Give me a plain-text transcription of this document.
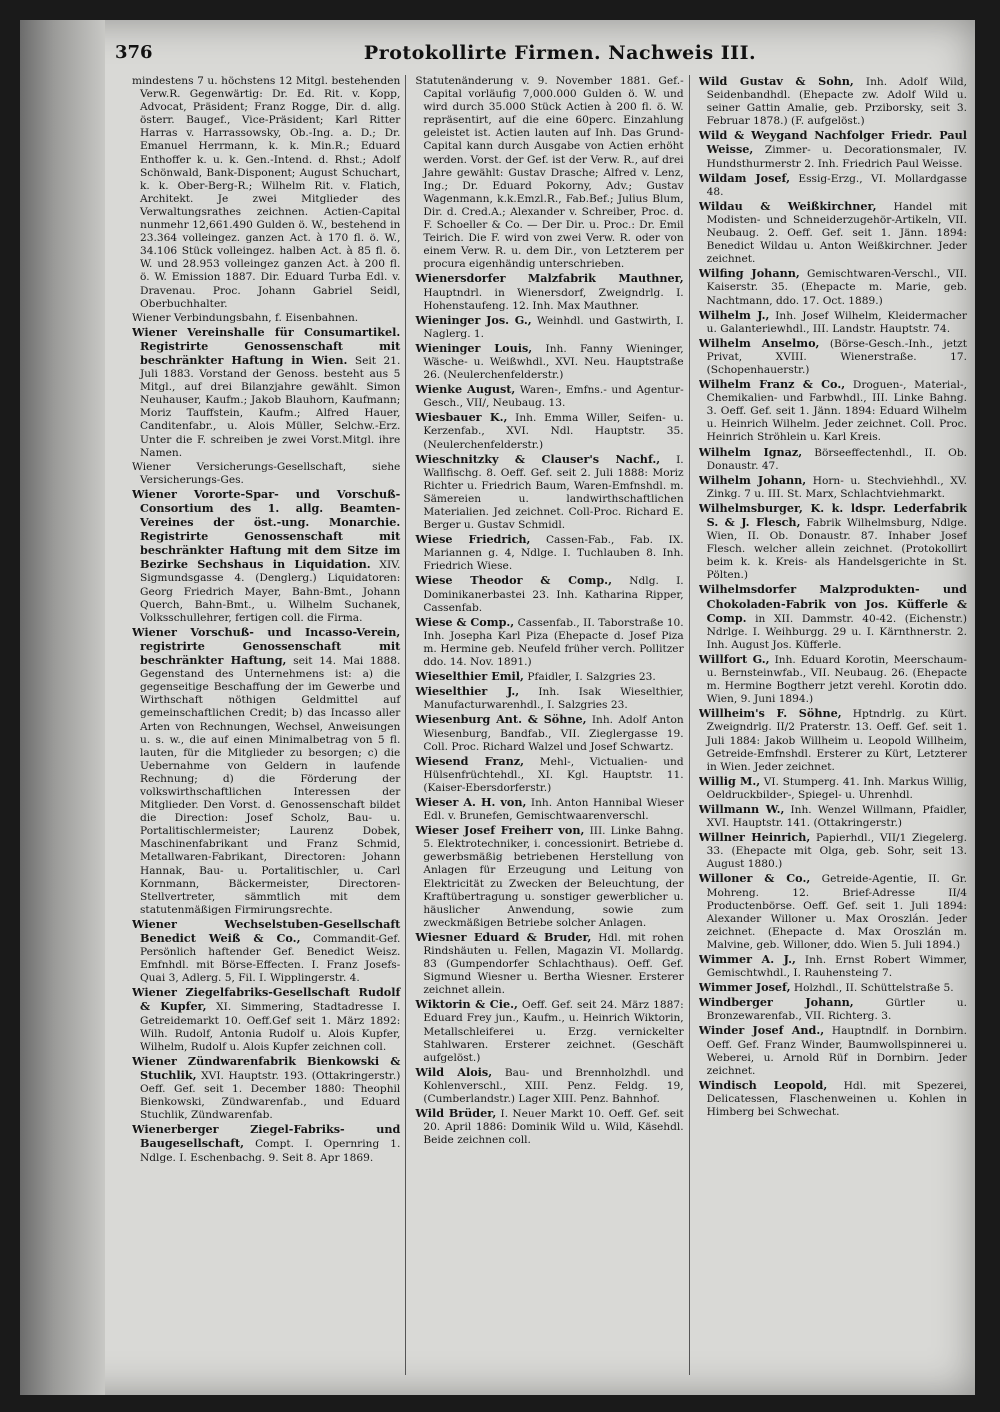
376	Protokollirte Firmen. Nachweis III.

mindestens 7 u. höchstens 12 Mitgl. bestehenden Verw.R. Gegenwärtig: Dr. Ed. Rit. v. Kopp, Advocat, Präsident; Franz Rogge, Dir. d. allg. österr. Baugef., Vice-Präsident; Karl Ritter Harras v. Harrassowsky, Ob.-Ing. a. D.; Dr. Emanuel Herrmann, k. k. Min.R.; Eduard Enthoffer k. u. k. Gen.-Intend. d. Rhst.; Adolf Schönwald, Bank-Disponent; August Schuchart, k. k. Ober-Berg-R.; Wilhelm Rit. v. Flatich, Architekt. Je zwei Mitglieder des Verwaltungsrathes zeichnen. Actien-Capital nunmehr 12,661.490 Gulden ö. W., bestehend in 23.364 volleingez. ganzen Act. à 170 fl. ö. W., 34.106 Stück volleingez. halben Act. à 85 fl. ö. W. und 28.953 volleingez ganzen Act. à 200 fl. ö. W. Emission 1887. Dir. Eduard Turba Edl. v. Dravenau. Proc. Johann Gabriel Seidl, Oberbuchhalter.

Wiener Verbindungsbahn, f. Eisenbahnen.

Wiener Vereinshalle für Consumartikel. Registrirte Genossenschaft mit beschränkter Haftung in Wien. Seit 21. Juli 1883. Vorstand der Genoss. besteht aus 5 Mitgl., auf drei Bilanzjahre gewählt. Simon Neuhauser, Kaufm.; Jakob Blauhorn, Kaufmann; Moriz Tauffstein, Kaufm.; Alfred Hauer, Canditenfabr., u. Alois Müller, Selchw.-Erz. Unter die F. schreiben je zwei Vorst.Mitgl. ihre Namen.

Wiener Versicherungs-Gesellschaft, siehe Versicherungs-Ges.

Wiener Vororte-Spar- und Vorschuß-Consortium des 1. allg. Beamten-Vereines der öst.-ung. Monarchie. Registrirte Genossenschaft mit beschränkter Haftung mit dem Sitze im Bezirke Sechshaus in Liquidation. XIV. Sigmundsgasse 4. (Denglerg.) Liquidatoren: Georg Friedrich Mayer, Bahn-Bmt., Johann Querch, Bahn-Bmt., u. Wilhelm Suchanek, Volksschullehrer, fertigen coll. die Firma.

Wiener Vorschuß- und Incasso-Verein, registrirte Genossenschaft mit beschränkter Haftung, seit 14. Mai 1888. Gegenstand des Unternehmens ist: a) die gegenseitige Beschaffung der im Gewerbe und Wirthschaft nöthigen Geldmittel auf gemeinschaftlichen Credit; b) das Incasso aller Arten von Rechnungen, Wechsel, Anweisungen u. s. w., die auf einen Minimalbetrag von 5 fl. lauten, für die Mitglieder zu besorgen; c) die Uebernahme von Geldern in laufende Rechnung; d) die Förderung der volkswirthschaftlichen Interessen der Mitglieder. Den Vorst. d. Genossenschaft bildet die Direction: Josef Scholz, Bau- u. Portalitischlermeister; Laurenz Dobek, Maschinenfabrikant und Franz Schmid, Metallwaren-Fabrikant, Directoren: Johann Hannak, Bau- u. Portalitischler, u. Carl Kornmann, Bäckermeister, Directoren-Stellvertreter, sämmtlich mit dem statutenmäßigen Firmirungsrechte.

Wiener Wechselstuben-Gesellschaft Benedict Weiß & Co., Commandit-Gef. Persönlich haftender Gef. Benedict Weisz. Emfnhdl. mit Börse-Effecten. I. Franz Josefs-Quai 3, Adlerg. 5, Fil. I. Wipplingerstr. 4.

Wiener Ziegelfabriks-Gesellschaft Rudolf & Kupfer, XI. Simmering, Stadtadresse I. Getreidemarkt 10. Oeff.Gef seit 1. März 1892: Wilh. Rudolf, Antonia Rudolf u. Alois Kupfer, Wilhelm, Rudolf u. Alois Kupfer zeichnen coll.

Wiener Zündwarenfabrik Bienkowski & Stuchlik, XVI. Hauptstr. 193. (Ottakringerstr.) Oeff. Gef. seit 1. December 1880: Theophil Bienkowski, Zündwarenfab., und Eduard Stuchlik, Zündwarenfab.

Wienerberger Ziegel-Fabriks- und Baugesellschaft, Compt. I. Opernring 1. Ndlge. I. Eschenbachg. 9. Seit 8. Apr 1869.

Statutenänderung v. 9. November 1881. Gef.-Capital vorläufig 7,000.000 Gulden ö. W. und wird durch 35.000 Stück Actien à 200 fl. ö. W. repräsentirt, auf die eine 60perc. Einzahlung geleistet ist. Actien lauten auf Inh. Das Grund-Capital kann durch Ausgabe von Actien erhöht werden. Vorst. der Gef. ist der Verw. R., auf drei Jahre gewählt: Gustav Drasche; Alfred v. Lenz, Ing.; Dr. Eduard Pokorny, Adv.; Gustav Wagenmann, k.k.Emzl.R., Fab.Bef.; Julius Blum, Dir. d. Cred.A.; Alexander v. Schreiber, Proc. d. F. Schoeller & Co. — Der Dir. u. Proc.: Dr. Emil Teirich. Die F. wird von zwei Verw. R. oder von einem Verw. R. u. dem Dir., von Letzterem per procura eigenhändig unterschrieben.

Wienersdorfer Malzfabrik Mauthner, Hauptndrl. in Wienersdorf, Zweigndrlg. I. Hohenstaufeng. 12. Inh. Max Mauthner.

Wieninger Jos. G., Weinhdl. und Gastwirth, I. Naglerg. 1.

Wieninger Louis, Inh. Fanny Wieninger, Wäsche- u. Weißwhdl., XVI. Neu. Hauptstraße 26. (Neulerchenfelderstr.)

Wienke August, Waren-, Emfns.- und Agentur-Gesch., VII/, Neubaug. 13.

Wiesbauer K., Inh. Emma Willer, Seifen- u. Kerzenfab., XVI. Ndl. Hauptstr. 35. (Neulerchenfelderstr.)

Wieschnitzky & Clauser's Nachf., I. Wallfischg. 8. Oeff. Gef. seit 2. Juli 1888: Moriz Richter u. Friedrich Baum, Waren-Emfnshdl. m. Sämereien u. landwirthschaftlichen Materialien. Jed zeichnet. Coll-Proc. Richard E. Berger u. Gustav Schmidl.

Wiese Friedrich, Cassen-Fab., Fab. IX. Mariannen g. 4, Ndlge. I. Tuchlauben 8. Inh. Friedrich Wiese.

Wiese Theodor & Comp., Ndlg. I. Dominikanerbastei 23. Inh. Katharina Ripper, Cassenfab.

Wiese & Comp., Cassenfab., II. Taborstraße 10. Inh. Josepha Karl Piza (Ehepacte d. Josef Piza m. Hermine geb. Neufeld früher verch. Pollitzer ddo. 14. Nov. 1891.)

Wieselthier Emil, Pfaidler, I. Salzgries 23.

Wieselthier J., Inh. Isak Wieselthier, Manufacturwarenhdl., I. Salzgries 23.

Wiesenburg Ant. & Söhne, Inh. Adolf Anton Wiesenburg, Bandfab., VII. Zieglergasse 19. Coll. Proc. Richard Walzel und Josef Schwartz.

Wiesend Franz, Mehl-, Victualien- und Hülsenfrüchtehdl., XI. Kgl. Hauptstr. 11. (Kaiser-Ebersdorferstr.)

Wieser A. H. von, Inh. Anton Hannibal Wieser Edl. v. Brunefen, Gemischtwaarenverschl.

Wieser Josef Freiherr von, III. Linke Bahng. 5. Elektrotechniker, i. concessionirt. Betriebe d. gewerbsmäßig betriebenen Herstellung von Anlagen für Erzeugung und Leitung von Elektricität zu Zwecken der Beleuchtung, der Kraftübertragung u. sonstiger gewerblicher u. häuslicher Anwendung, sowie zum zweckmäßigen Betriebe solcher Anlagen.

Wiesner Eduard & Bruder, Hdl. mit rohen Rindshäuten u. Fellen, Magazin VI. Mollardg. 83 (Gumpendorfer Schlachthaus). Oeff. Gef. Sigmund Wiesner u. Bertha Wiesner. Ersterer zeichnet allein.

Wiktorin & Cie., Oeff. Gef. seit 24. März 1887: Eduard Frey jun., Kaufm., u. Heinrich Wiktorin, Metallschleiferei u. Erzg. vernickelter Stahlwaren. Ersterer zeichnet. (Geschäft aufgelöst.)

Wild Alois, Bau- und Brennholzhdl. und Kohlenverschl., XIII. Penz. Feldg. 19, (Cumberlandstr.) Lager XIII. Penz. Bahnhof.

Wild Brüder, I. Neuer Markt 10. Oeff. Gef. seit 20. April 1886: Dominik Wild u. Wild, Käsehdl. Beide zeichnen coll.

Wild Gustav & Sohn, Inh. Adolf Wild, Seidenbandhdl. (Ehepacte zw. Adolf Wild u. seiner Gattin Amalie, geb. Prziborsky, seit 3. Februar 1878.) (F. aufgelöst.)

Wild & Weygand Nachfolger Friedr. Paul Weisse, Zimmer- u. Decorationsmaler, IV. Hundsthurmerstr 2. Inh. Friedrich Paul Weisse.

Wildam Josef, Essig-Erzg., VI. Mollardgasse 48.

Wildau & Weißkirchner, Handel mit Modisten- und Schneiderzugehör-Artikeln, VII. Neubaug. 2. Oeff. Gef. seit 1. Jänn. 1894: Benedict Wildau u. Anton Weißkirchner. Jeder zeichnet.

Wilfing Johann, Gemischtwaren-Verschl., VII. Kaiserstr. 35. (Ehepacte m. Marie, geb. Nachtmann, ddo. 17. Oct. 1889.)

Wilhelm J., Inh. Josef Wilhelm, Kleidermacher u. Galanteriewhdl., III. Landstr. Hauptstr. 74.

Wilhelm Anselmo, (Börse-Gesch.-Inh., jetzt Privat, XVIII. Wienerstraße. 17. (Schopenhauerstr.)

Wilhelm Franz & Co., Droguen-, Material-, Chemikalien- und Farbwhdl., III. Linke Bahng. 3. Oeff. Gef. seit 1. Jänn. 1894: Eduard Wilhelm u. Heinrich Wilhelm. Jeder zeichnet. Coll. Proc. Heinrich Ströhlein u. Karl Kreis.

Wilhelm Ignaz, Börseeffectenhdl., II. Ob. Donaustr. 47.

Wilhelm Johann, Horn- u. Stechviehhdl., XV. Zinkg. 7 u. III. St. Marx, Schlachtviehmarkt.

Wilhelmsburger, K. k. ldspr. Lederfabrik S. & J. Flesch, Fabrik Wilhelmsburg, Ndlge. Wien, II. Ob. Donaustr. 87. Inhaber Josef Flesch. welcher allein zeichnet. (Protokollirt beim k. k. Kreis- als Handelsgerichte in St. Pölten.)

Wilhelmsdorfer Malzprodukten- und Chokoladen-Fabrik von Jos. Küfferle & Comp. in XII. Dammstr. 40-42. (Eichenstr.) Ndrlge. I. Weihburgg. 29 u. I. Kärnthnerstr. 2. Inh. August Jos. Küfferle.

Willfort G., Inh. Eduard Korotin, Meerschaum- u. Bernsteinwfab., VII. Neubaug. 26. (Ehepacte m. Hermine Bogtherr jetzt verehl. Korotin ddo. Wien, 9. Juni 1894.)

Willheim's F. Söhne, Hptndrlg. zu Kürt. Zweigndrlg. II/2 Praterstr. 13. Oeff. Gef. seit 1. Juli 1884: Jakob Willheim u. Leopold Willheim, Getreide-Emfnshdl. Ersterer zu Kürt, Letzterer in Wien. Jeder zeichnet.

Willig M., VI. Stumperg. 41. Inh. Markus Willig, Oeldruckbilder-, Spiegel- u. Uhrenhdl.

Willmann W., Inh. Wenzel Willmann, Pfaidler, XVI. Hauptstr. 141. (Ottakringerstr.)

Willner Heinrich, Papierhdl., VII/1 Ziegelerg. 33. (Ehepacte mit Olga, geb. Sohr, seit 13. August 1880.)

Willoner & Co., Getreide-Agentie, II. Gr. Mohreng. 12. Brief-Adresse II/4 Productenbörse. Oeff. Gef. seit 1. Juli 1894: Alexander Willoner u. Max Oroszlán. Jeder zeichnet. (Ehepacte d. Max Oroszlán m. Malvine, geb. Willoner, ddo. Wien 5. Juli 1894.)

Wimmer A. J., Inh. Ernst Robert Wimmer, Gemischtwhdl., I. Rauhensteing 7.

Wimmer Josef, Holzhdl., II. Schüttelstraße 5.

Windberger Johann,	Gürtler u. Bronzewarenfab., VII. Richterg. 3.

Winder Josef And., Hauptndlf. in Dornbirn. Oeff. Gef. Franz Winder, Baumwollspinnerei u. Weberei, u. Arnold Rüf in Dornbirn. Jeder zeichnet.

Windisch Leopold, Hdl. mit Spezerei, Delicatessen, Flaschenweinen u. Kohlen in Himberg bei Schwechat.
